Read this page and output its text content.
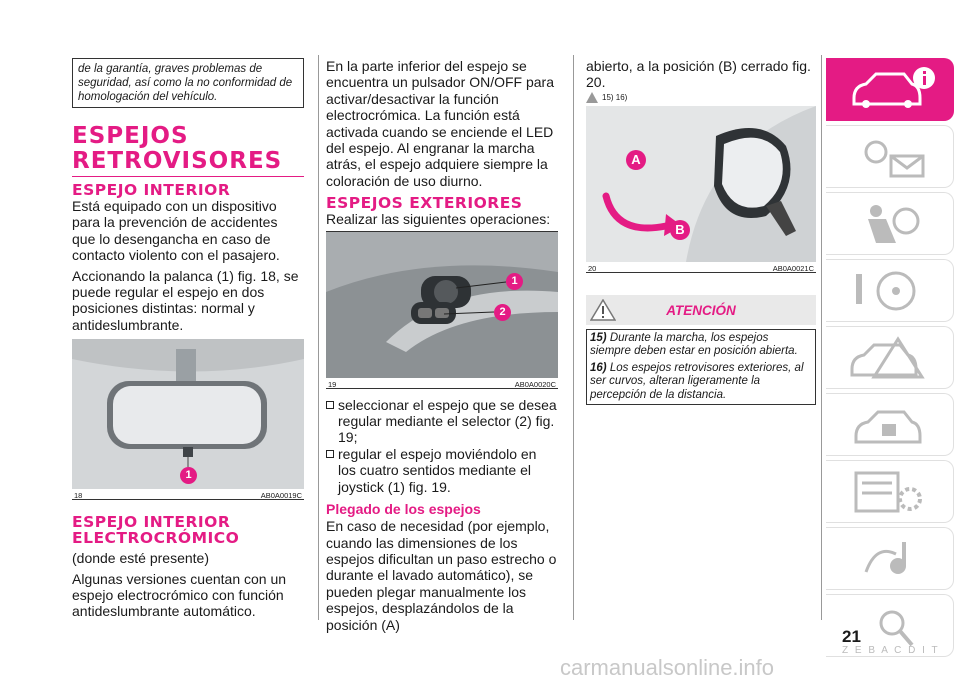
de la garantía, graves problemas de seguridad, así como la no conformidad de homologación del vehículo.
ESPEJOS RETROVISORES
ESPEJO INTERIOR

Está equipado con un dispositivo para la prevención de accidentes que lo desengancha en caso de contacto violento con el pasajero.

Accionando la palanca (1) fig. 18, se puede regular el espejo en dos posiciones distintas: normal y antideslumbrante.

1
18	AB0A0019C
ESPEJO INTERIOR ELECTROCRÓMICO

(donde esté presente)

Algunas versiones cuentan con un espejo electrocrómico con función antideslumbrante automático.

En la parte inferior del espejo se encuentra un pulsador ON/OFF para activar/desactivar la función electrocrómica. La función está activada cuando se enciende el LED del espejo. Al engranar la marcha atrás, el espejo adquiere siempre la coloración de uso diurno.

ESPEJOS EXTERIORES

Realizar las siguientes operaciones:

1
2
19	AB0A0020C
seleccionar el espejo que se desea regular mediante el selector (2) fig. 19;
regular el espejo moviéndolo en los cuatro sentidos mediante el joystick (1) fig. 19.
Plegado de los espejos

En caso de necesidad (por ejemplo, cuando las dimensiones de los espejos dificultan un paso estrecho o durante el lavado automático), se pueden plegar manualmente los espejos, desplazándolos de la posición (A)

abierto, a la posición (B) cerrado fig. 20.

15) 16)
A
B
20	AB0A0021C
ATENCIÓN
15) Durante la marcha, los espejos siempre deben estar en posición abierta.
16) Los espejos retrovisores exteriores, al ser curvos, alteran ligeramente la percepción de la distancia.
Z E B A C D I T
21
carmanualsonline.info
